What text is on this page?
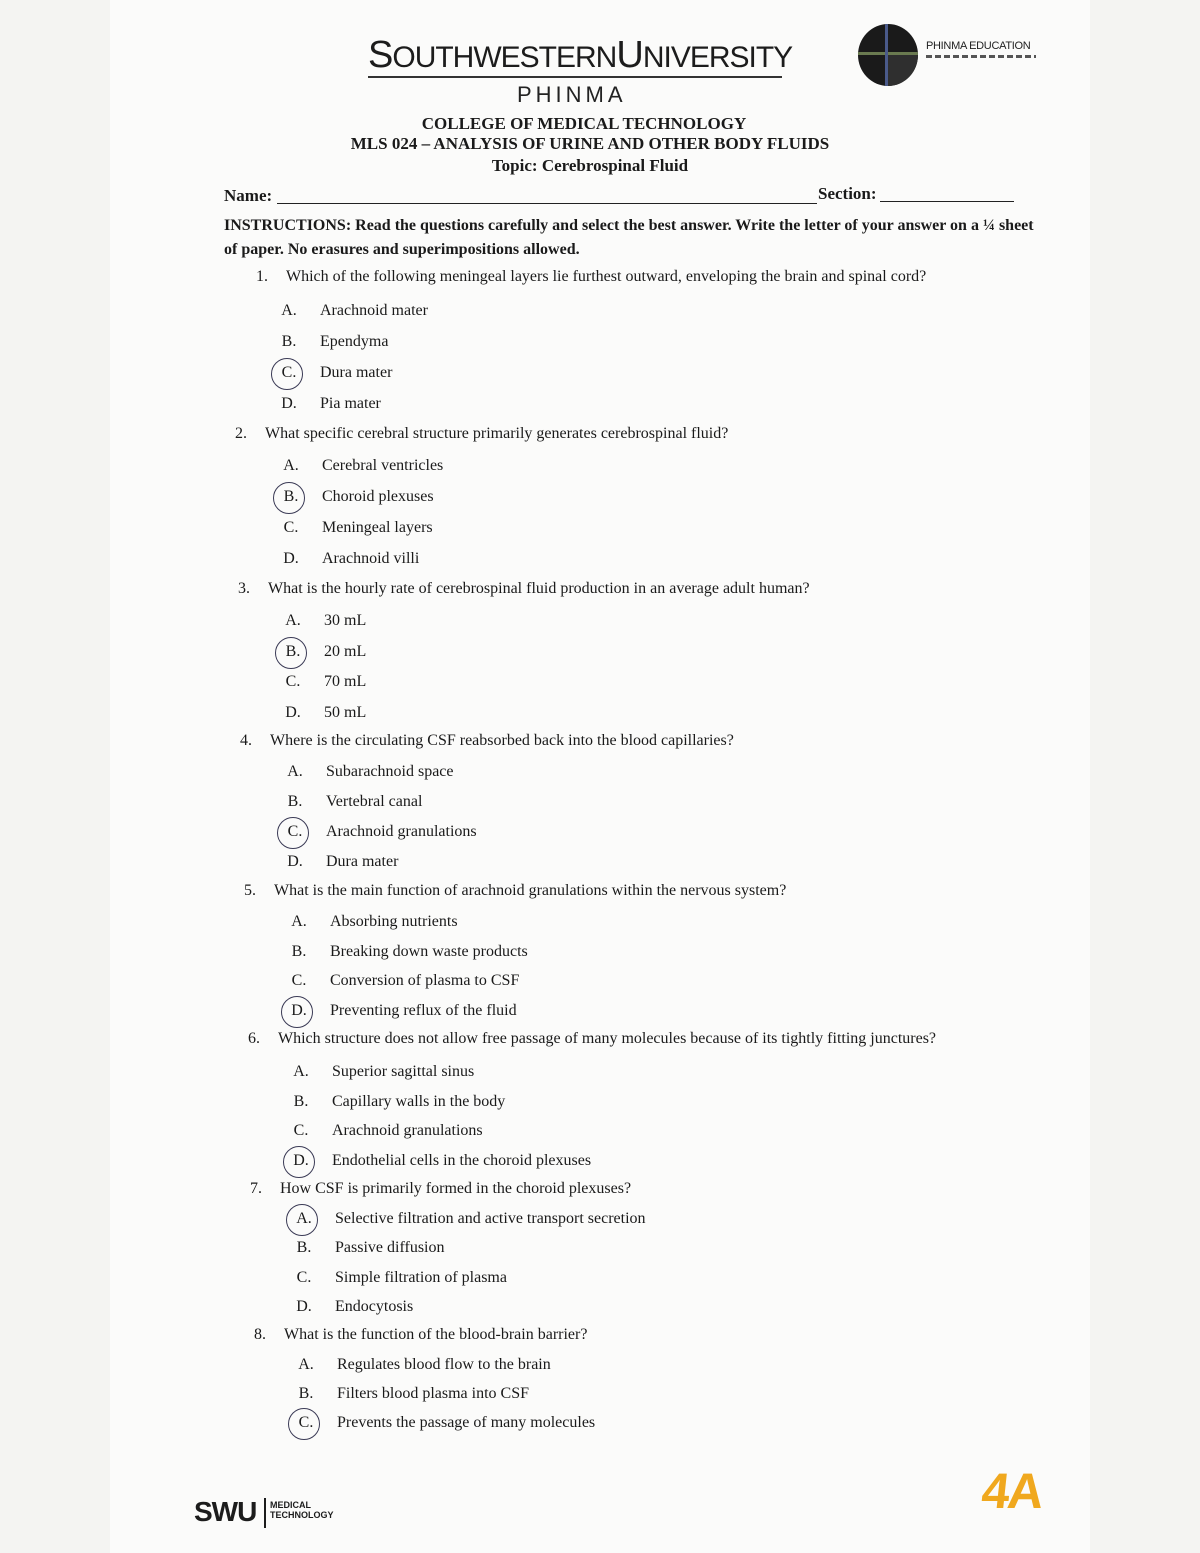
SOUTHWESTERNUNIVERSITY
PHINMA
PHINMA EDUCATION
COLLEGE OF MEDICAL TECHNOLOGY
MLS 024 – ANALYSIS OF URINE AND OTHER BODY FLUIDS
Topic: Cerebrospinal Fluid
Name:	Section:
INSTRUCTIONS: Read the questions carefully and select the best answer. Write the letter of your answer on a ¼ sheet of paper. No erasures and superimpositions allowed.
1. Which of the following meningeal layers lie furthest outward, enveloping the brain and spinal cord?
A.	Arachnoid mater
B.	Ependyma
C.	Dura mater
D.	Pia mater
2. What specific cerebral structure primarily generates cerebrospinal fluid?
A.	Cerebral ventricles
B.	Choroid plexuses
C.	Meningeal layers
D.	Arachnoid villi
3. What is the hourly rate of cerebrospinal fluid production in an average adult human?
A.	30 mL
B.	20 mL
C.	70 mL
D.	50 mL
4. Where is the circulating CSF reabsorbed back into the blood capillaries?
A.	Subarachnoid space
B.	Vertebral canal
C.	Arachnoid granulations
D.	Dura mater
5. What is the main function of arachnoid granulations within the nervous system?
A.	Absorbing nutrients
B.	Breaking down waste products
C.	Conversion of plasma to CSF
D.	Preventing reflux of the fluid
6. Which structure does not allow free passage of many molecules because of its tightly fitting junctures?
A.	Superior sagittal sinus
B.	Capillary walls in the body
C.	Arachnoid granulations
D.	Endothelial cells in the choroid plexuses
7. How CSF is primarily formed in the choroid plexuses?
A.	Selective filtration and active transport secretion
B.	Passive diffusion
C.	Simple filtration of plasma
D.	Endocytosis
8. What is the function of the blood-brain barrier?
A.	Regulates blood flow to the brain
B.	Filters blood plasma into CSF
C.	Prevents the passage of many molecules
SWU MEDICAL
TECHNOLOGY	4A
